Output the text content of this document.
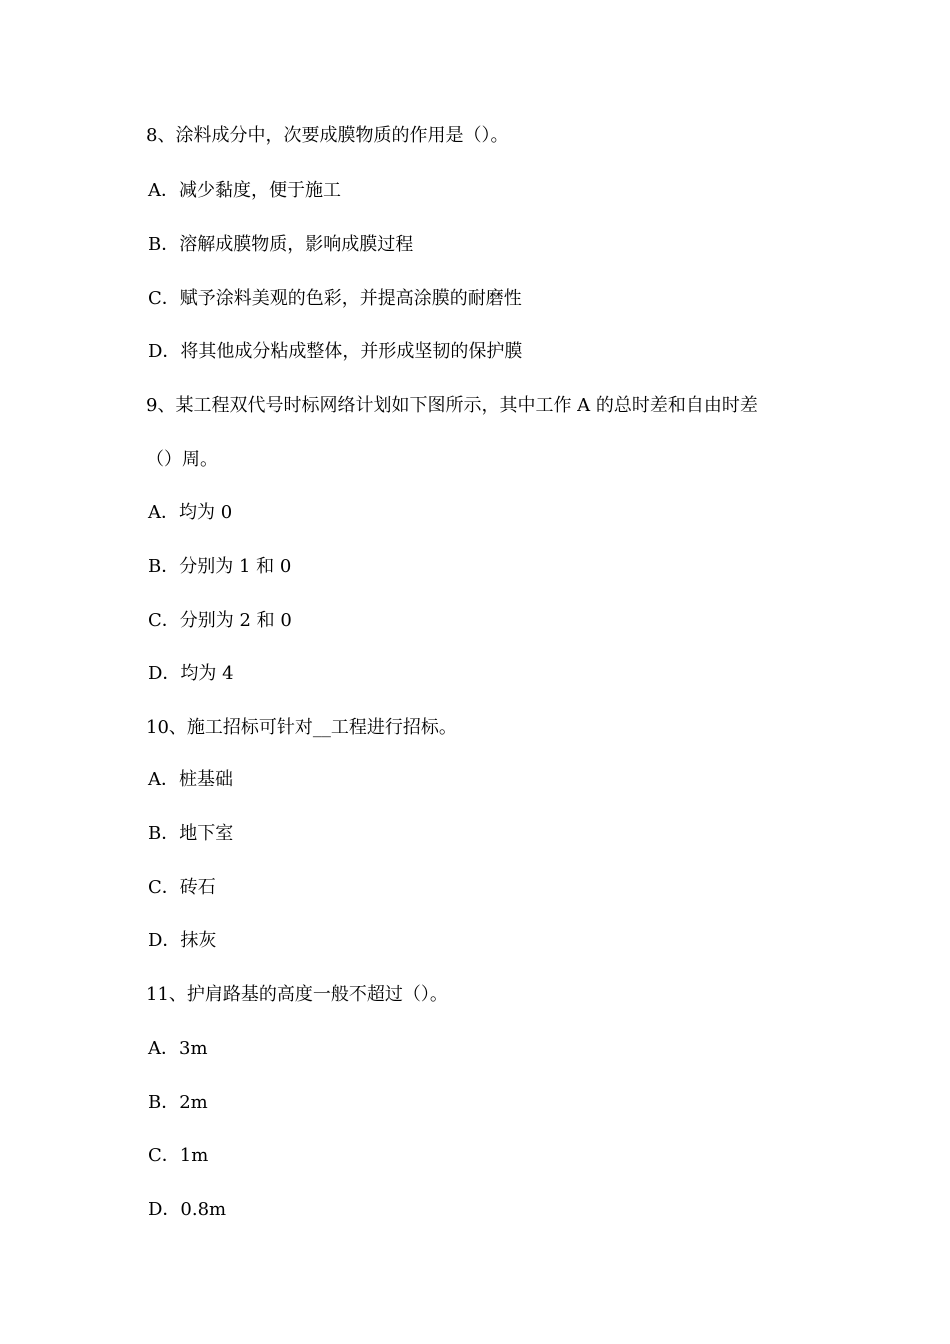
8、涂料成分中，次要成膜物质的作用是（）。
A．减少黏度，便于施工
B．溶解成膜物质，影响成膜过程
C．赋予涂料美观的色彩，并提高涂膜的耐磨性
D．将其他成分粘成整体，并形成坚韧的保护膜
9、某工程双代号时标网络计划如下图所示，其中工作 A 的总时差和自由时差
（）周。
A．均为 0
B．分别为 1 和 0
C．分别为 2 和 0
D．均为 4
10、施工招标可针对__工程进行招标。
A．桩基础
B．地下室
C．砖石
D．抹灰
11、护肩路基的高度一般不超过（）。
A．3m
B．2m
C．1m
D．0.8m
